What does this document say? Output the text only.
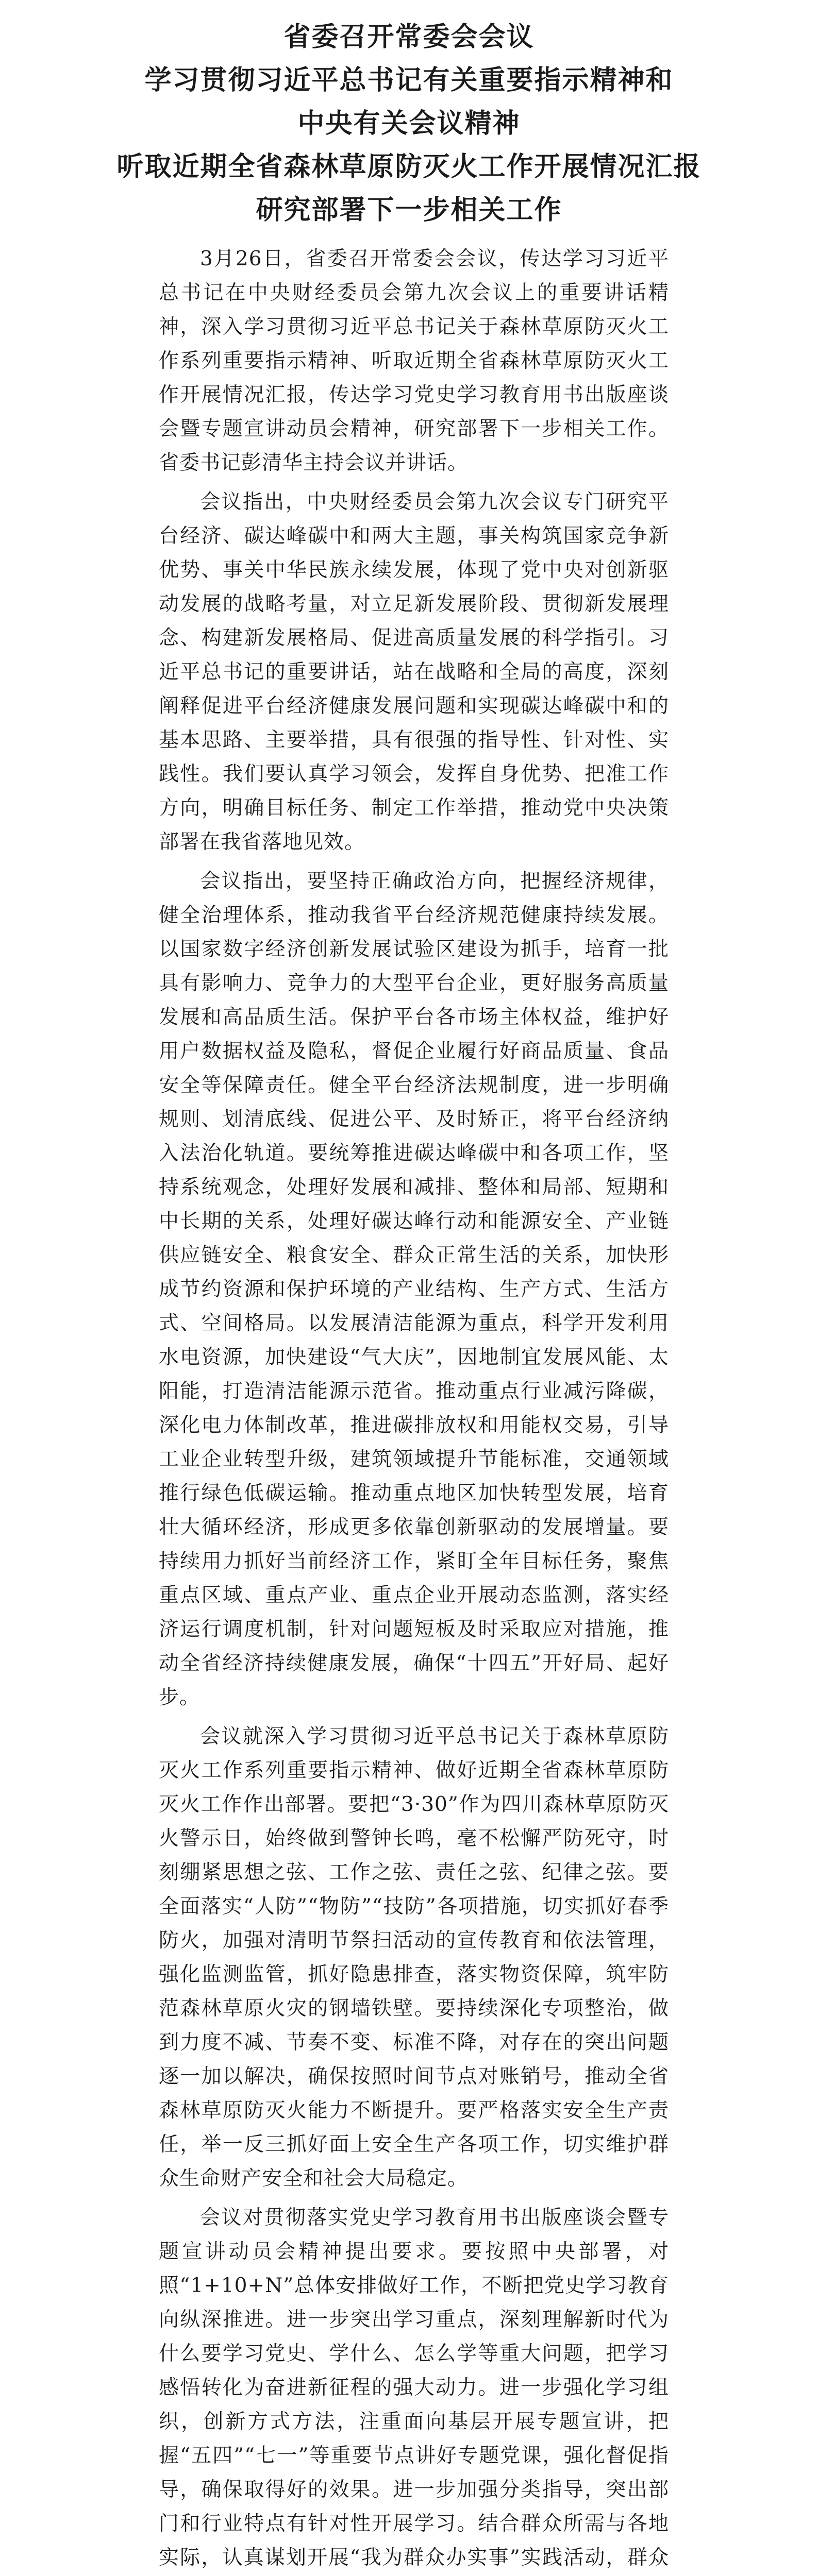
省委召开常委会会议
学习贯彻习近平总书记有关重要指示精神和
中央有关会议精神
听取近期全省森林草原防灭火工作开展情况汇报
研究部署下一步相关工作

3月26日，省委召开常委会会议，传达学习习近平总书记在中央财经委员会第九次会议上的重要讲话精神，深入学习贯彻习近平总书记关于森林草原防灭火工作系列重要指示精神、听取近期全省森林草原防灭火工作开展情况汇报，传达学习党史学习教育用书出版座谈会暨专题宣讲动员会精神，研究部署下一步相关工作。省委书记彭清华主持会议并讲话。

会议指出，中央财经委员会第九次会议专门研究平台经济、碳达峰碳中和两大主题，事关构筑国家竞争新优势、事关中华民族永续发展，体现了党中央对创新驱动发展的战略考量，对立足新发展阶段、贯彻新发展理念、构建新发展格局、促进高质量发展的科学指引。习近平总书记的重要讲话，站在战略和全局的高度，深刻阐释促进平台经济健康发展问题和实现碳达峰碳中和的基本思路、主要举措，具有很强的指导性、针对性、实践性。我们要认真学习领会，发挥自身优势、把准工作方向，明确目标任务、制定工作举措，推动党中央决策部署在我省落地见效。

会议指出，要坚持正确政治方向，把握经济规律，健全治理体系，推动我省平台经济规范健康持续发展。以国家数字经济创新发展试验区建设为抓手，培育一批具有影响力、竞争力的大型平台企业，更好服务高质量发展和高品质生活。保护平台各市场主体权益，维护好用户数据权益及隐私，督促企业履行好商品质量、食品安全等保障责任。健全平台经济法规制度，进一步明确规则、划清底线、促进公平、及时矫正，将平台经济纳入法治化轨道。要统筹推进碳达峰碳中和各项工作，坚持系统观念，处理好发展和减排、整体和局部、短期和中长期的关系，处理好碳达峰行动和能源安全、产业链供应链安全、粮食安全、群众正常生活的关系，加快形成节约资源和保护环境的产业结构、生产方式、生活方式、空间格局。以发展清洁能源为重点，科学开发利用水电资源，加快建设“气大庆”，因地制宜发展风能、太阳能，打造清洁能源示范省。推动重点行业减污降碳，深化电力体制改革，推进碳排放权和用能权交易，引导工业企业转型升级，建筑领域提升节能标准，交通领域推行绿色低碳运输。推动重点地区加快转型发展，培育壮大循环经济，形成更多依靠创新驱动的发展增量。要持续用力抓好当前经济工作，紧盯全年目标任务，聚焦重点区域、重点产业、重点企业开展动态监测，落实经济运行调度机制，针对问题短板及时采取应对措施，推动全省经济持续健康发展，确保“十四五”开好局、起好步。

会议就深入学习贯彻习近平总书记关于森林草原防灭火工作系列重要指示精神、做好近期全省森林草原防灭火工作作出部署。要把“3·30”作为四川森林草原防灭火警示日，始终做到警钟长鸣，毫不松懈严防死守，时刻绷紧思想之弦、工作之弦、责任之弦、纪律之弦。要全面落实“人防”“物防”“技防”各项措施，切实抓好春季防火，加强对清明节祭扫活动的宣传教育和依法管理，强化监测监管，抓好隐患排查，落实物资保障，筑牢防范森林草原火灾的钢墙铁壁。要持续深化专项整治，做到力度不减、节奏不变、标准不降，对存在的突出问题逐一加以解决，确保按照时间节点对账销号，推动全省森林草原防灭火能力不断提升。要严格落实安全生产责任，举一反三抓好面上安全生产各项工作，切实维护群众生命财产安全和社会大局稳定。

会议对贯彻落实党史学习教育用书出版座谈会暨专题宣讲动员会精神提出要求。要按照中央部署，对照“1+10+N”总体安排做好工作，不断把党史学习教育向纵深推进。进一步突出学习重点，深刻理解新时代为什么要学习党史、学什么、怎么学等重大问题，把学习感悟转化为奋进新征程的强大动力。进一步强化学习组织，创新方式方法，注重面向基层开展专题宣讲，把握“五四”“七一”等重要节点讲好专题党课，强化督促指导，确保取得好的效果。进一步加强分类指导，突出部门和行业特点有针对性开展学习。结合群众所需与各地实际，认真谋划开展“我为群众办实事”实践活动，群众
